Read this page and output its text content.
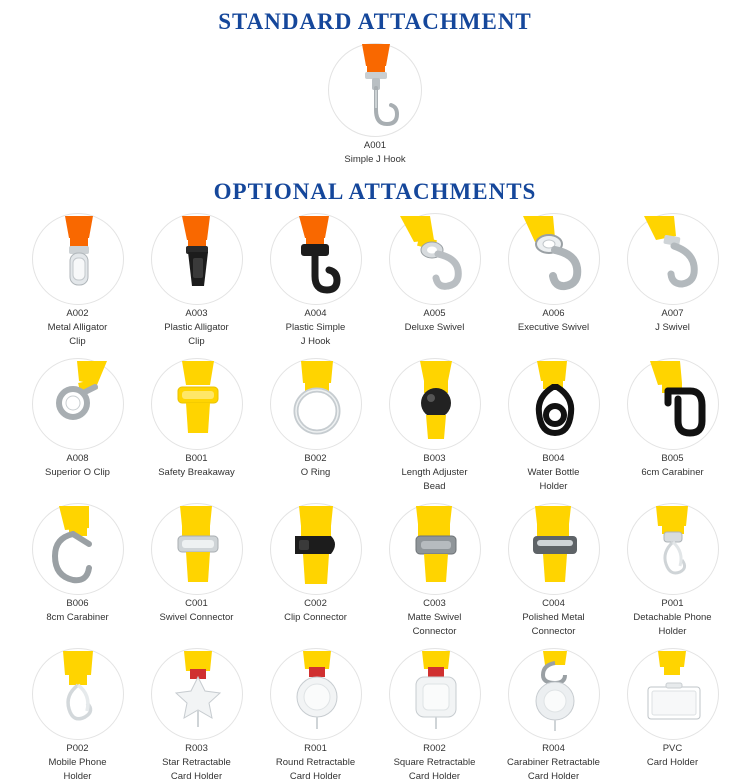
STANDARD ATTACHMENT
A001
Simple J Hook
OPTIONAL ATTACHMENTS
A002
Metal Alligator
Clip
A003
Plastic Alligator
Clip
A004
Plastic Simple
J Hook
A005
Deluxe Swivel
A006
Executive Swivel
A007
J Swivel
A008
Superior O Clip
B001
Safety Breakaway
B002
O Ring
B003
Length Adjuster
Bead
B004
Water Bottle
Holder
B005
6cm Carabiner
B006
8cm Carabiner
C001
Swivel Connector
C002
Clip Connector
C003
Matte Swivel
Connector
C004
Polished Metal
Connector
P001
Detachable Phone
Holder
P002
Mobile Phone
Holder
R003
Star Retractable
Card Holder
R001
Round Retractable
Card Holder
R002
Square Retractable
Card Holder
R004
Carabiner Retractable
Card Holder
PVC
Card Holder
